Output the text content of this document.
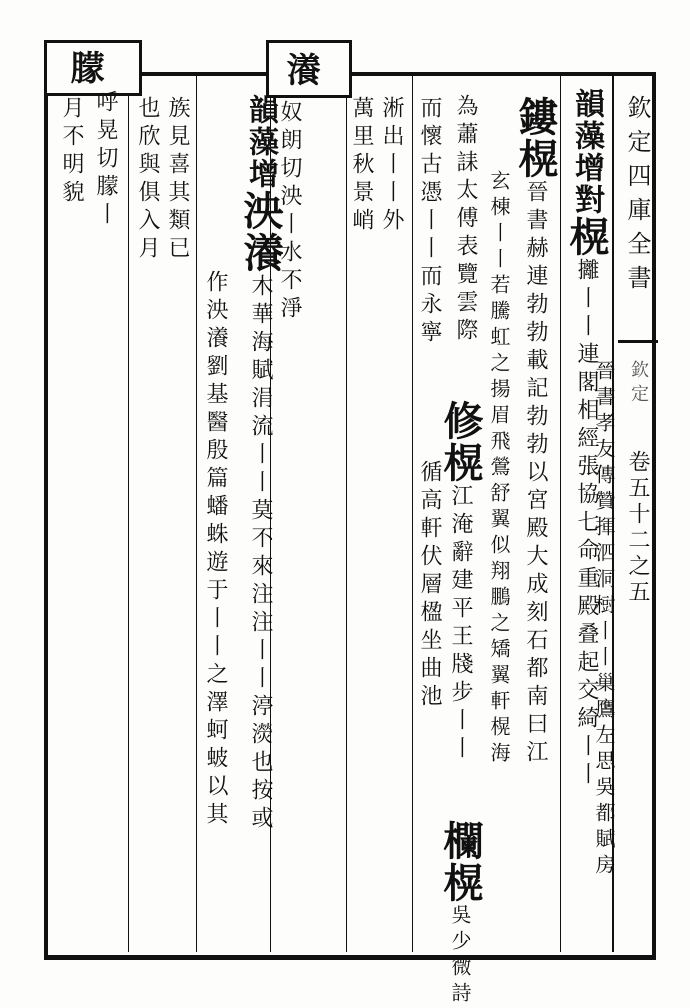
朦	瀁
欽定四庫全書
欽定
卷五十二之五
韻藻增對榥攡丨丨連閣相經張協七命重殿叠起交綺丨丨
晉書孝友傳贊揮泗洞𣗳丨丨巢鷹左思吳都賦房
鏤榥晉書赫連勃勃載記勃勃以宮殿大成刻石都南曰江
玄棟丨丨若騰虹之揚眉飛鶯舒翼似翔鵬之矯翼軒榥海
為蕭誄太傅表覽雲際
修榥江淹辭建平王牋步丨丨
而懷古憑丨丨而永寧
循高軒伏層楹坐曲池
欄榥吳少微詩
淅出丨丨外
萬里秋景峭
奴朗切泱丨水不淨
韻藻增泱瀁木華海賦涓流丨丨莫不來注注丨丨渟濙也按或
作泱瀁劉基醫殷篇蟠蛛遊于丨丨之澤蚵蚾以其
族見喜其類已
也欣與俱入月
呼晃切朦丨
月不明貌
